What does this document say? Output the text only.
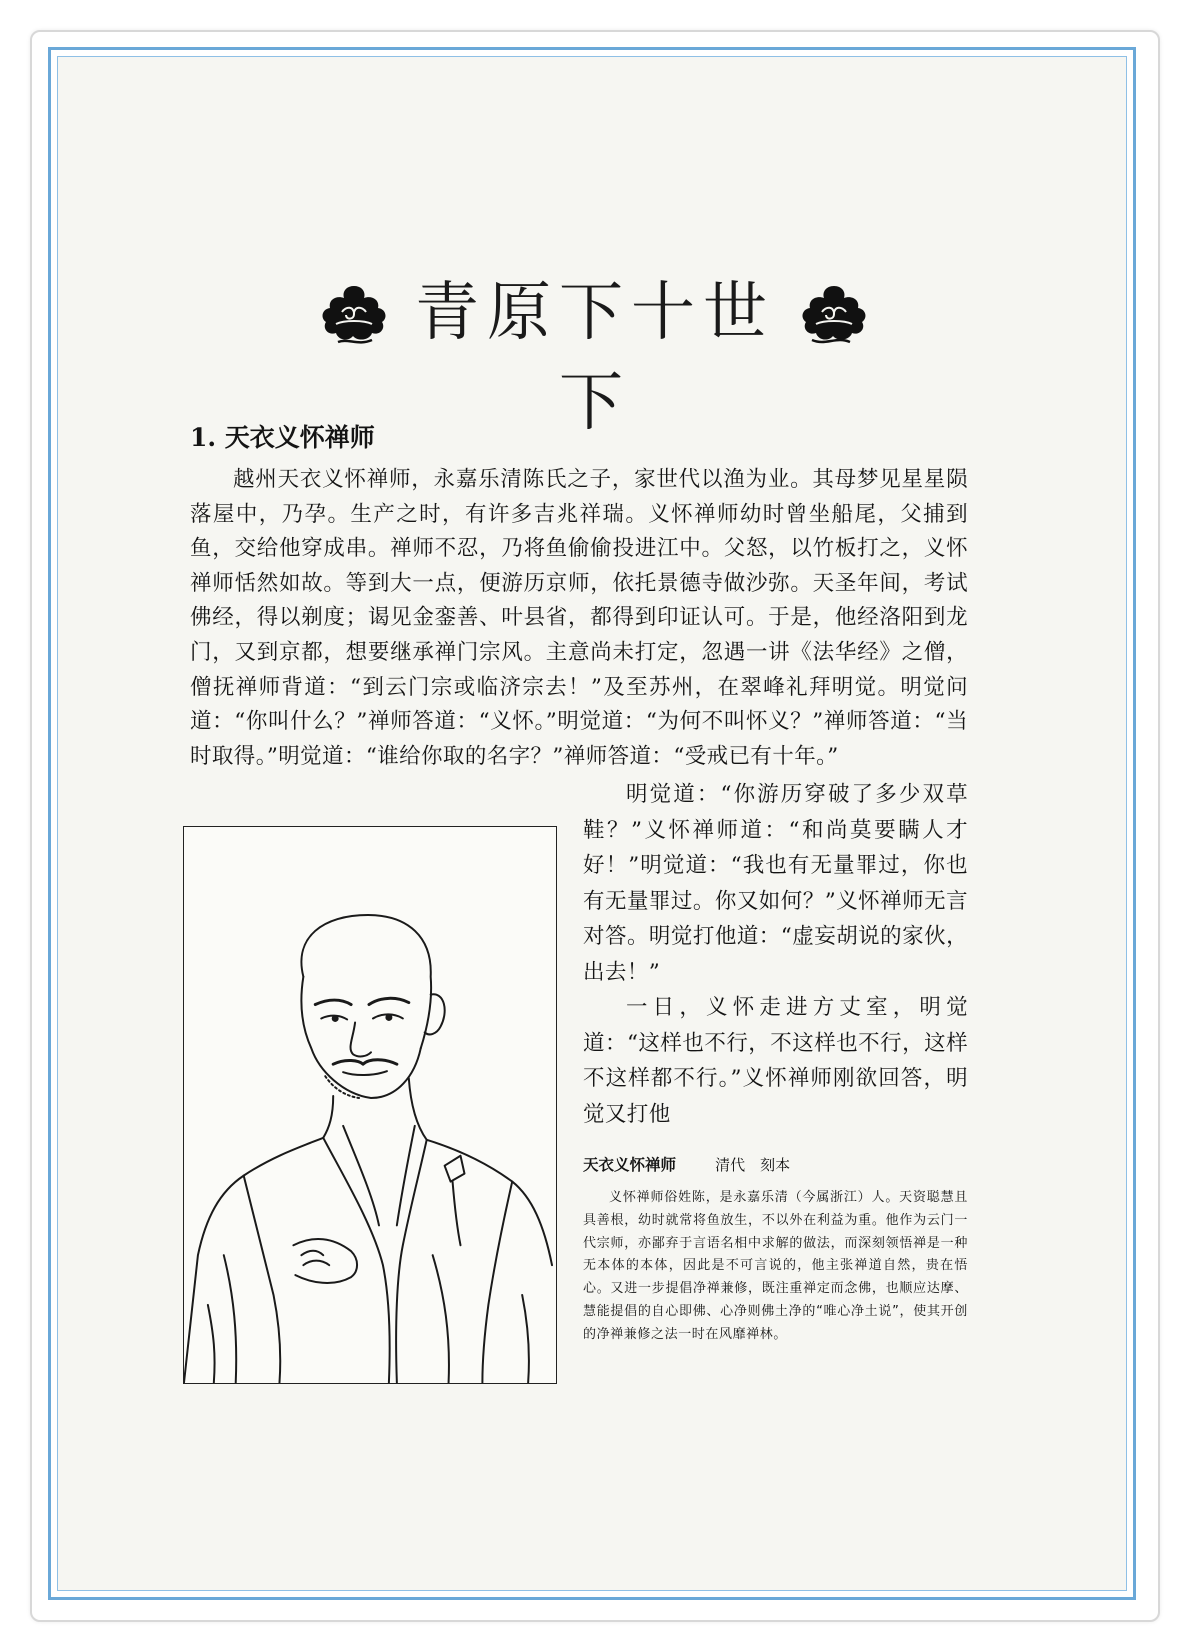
青原下十世下
1. 天衣义怀禅师

越州天衣义怀禅师，永嘉乐清陈氏之子，家世代以渔为业。其母梦见星星陨落屋中，乃孕。生产之时，有许多吉兆祥瑞。义怀禅师幼时曾坐船尾，父捕到鱼，交给他穿成串。禅师不忍，乃将鱼偷偷投进江中。父怒，以竹板打之，义怀禅师恬然如故。等到大一点，便游历京师，依托景德寺做沙弥。天圣年间，考试佛经，得以剃度；谒见金銮善、叶县省，都得到印证认可。于是，他经洛阳到龙门，又到京都，想要继承禅门宗风。主意尚未打定，忽遇一讲《法华经》之僧，僧抚禅师背道：“到云门宗或临济宗去！”及至苏州，在翠峰礼拜明觉。明觉问道：“你叫什么？”禅师答道：“义怀。”明觉道：“为何不叫怀义？”禅师答道：“当时取得。”明觉道：“谁给你取的名字？”禅师答道：“受戒已有十年。”

明觉道：“你游历穿破了多少双草鞋？”义怀禅师道：“和尚莫要瞒人才好！”明觉道：“我也有无量罪过，你也有无量罪过。你又如何？”义怀禅师无言对答。明觉打他道：“虚妄胡说的家伙，出去！”

一日，义怀走进方丈室，明觉道：“这样也不行，不这样也不行，这样不这样都不行。”义怀禅师刚欲回答，明觉又打他

天衣义怀禅师	清代　刻本

义怀禅师俗姓陈，是永嘉乐清（今属浙江）人。天资聪慧且具善根，幼时就常将鱼放生，不以外在利益为重。他作为云门一代宗师，亦鄙弃于言语名相中求解的做法，而深刻领悟禅是一种无本体的本体，因此是不可言说的，他主张禅道自然，贵在悟心。又进一步提倡净禅兼修，既注重禅定而念佛，也顺应达摩、慧能提倡的自心即佛、心净则佛土净的“唯心净土说”，使其开创的净禅兼修之法一时在风靡禅林。
